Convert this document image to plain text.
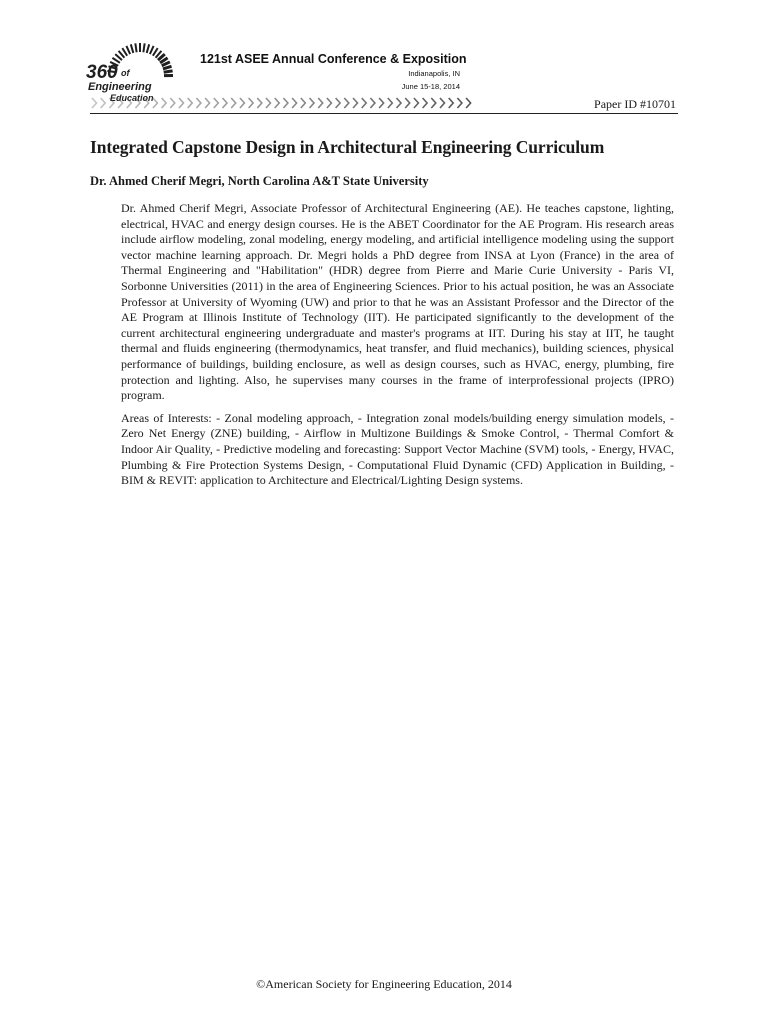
360 of
Engineering
Education
121st ASEE Annual Conference & Exposition
Indianapolis, IN
June 15-18, 2014
Paper ID #10701
Integrated Capstone Design in Architectural Engineering Curriculum
Dr. Ahmed Cherif Megri, North Carolina A&T State University

Dr. Ahmed Cherif Megri, Associate Professor of Architectural Engineering (AE). He teaches capstone, lighting, electrical, HVAC and energy design courses. He is the ABET Coordinator for the AE Program. His research areas include airflow modeling, zonal modeling, energy modeling, and artificial intelligence modeling using the support vector machine learning approach. Dr. Megri holds a PhD degree from INSA at Lyon (France) in the area of Thermal Engineering and "Habilitation" (HDR) degree from Pierre and Marie Curie University - Paris VI, Sorbonne Universities (2011) in the area of Engineering Sciences. Prior to his actual position, he was an Associate Professor at University of Wyoming (UW) and prior to that he was an Assistant Professor and the Director of the AE Program at Illinois Institute of Technology (IIT). He participated significantly to the development of the current architectural engineering undergraduate and master's programs at IIT. During his stay at IIT, he taught thermal and fluids engineering (thermodynamics, heat transfer, and fluid mechanics), building sciences, physical performance of buildings, building enclosure, as well as design courses, such as HVAC, energy, plumbing, fire protection and lighting. Also, he supervises many courses in the frame of interprofessional projects (IPRO) program.

Areas of Interests: - Zonal modeling approach, - Integration zonal models/building energy simulation models, - Zero Net Energy (ZNE) building, - Airflow in Multizone Buildings & Smoke Control, - Thermal Comfort & Indoor Air Quality, - Predictive modeling and forecasting: Support Vector Machine (SVM) tools, - Energy, HVAC, Plumbing & Fire Protection Systems Design, - Computational Fluid Dynamic (CFD) Application in Building, - BIM & REVIT: application to Architecture and Electrical/Lighting Design systems.

©American Society for Engineering Education, 2014
